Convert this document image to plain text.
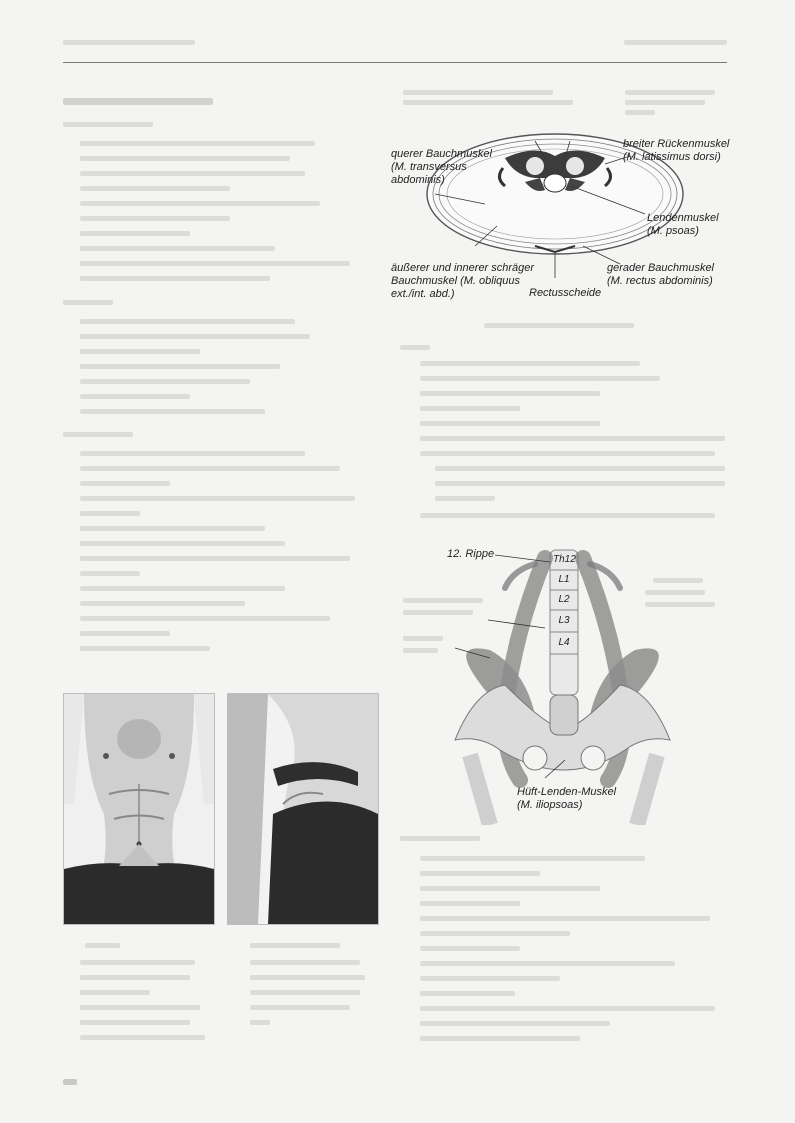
querer Bauchmuskel
(M. transversus
abdominis)

breiter Rückenmuskel
(M. latissimus dorsi)

Lendenmuskel
(M. psoas)

äußerer und innerer schräger
Bauchmuskel (M. obliquus
ext./int. abd.)

gerader Bauchmuskel
(M. rectus abdominis)

Rectusscheide

12. Rippe	Th12
L1
L2
L3
L4

Hüft-Lenden-Muskel
(M. iliopsoas)
